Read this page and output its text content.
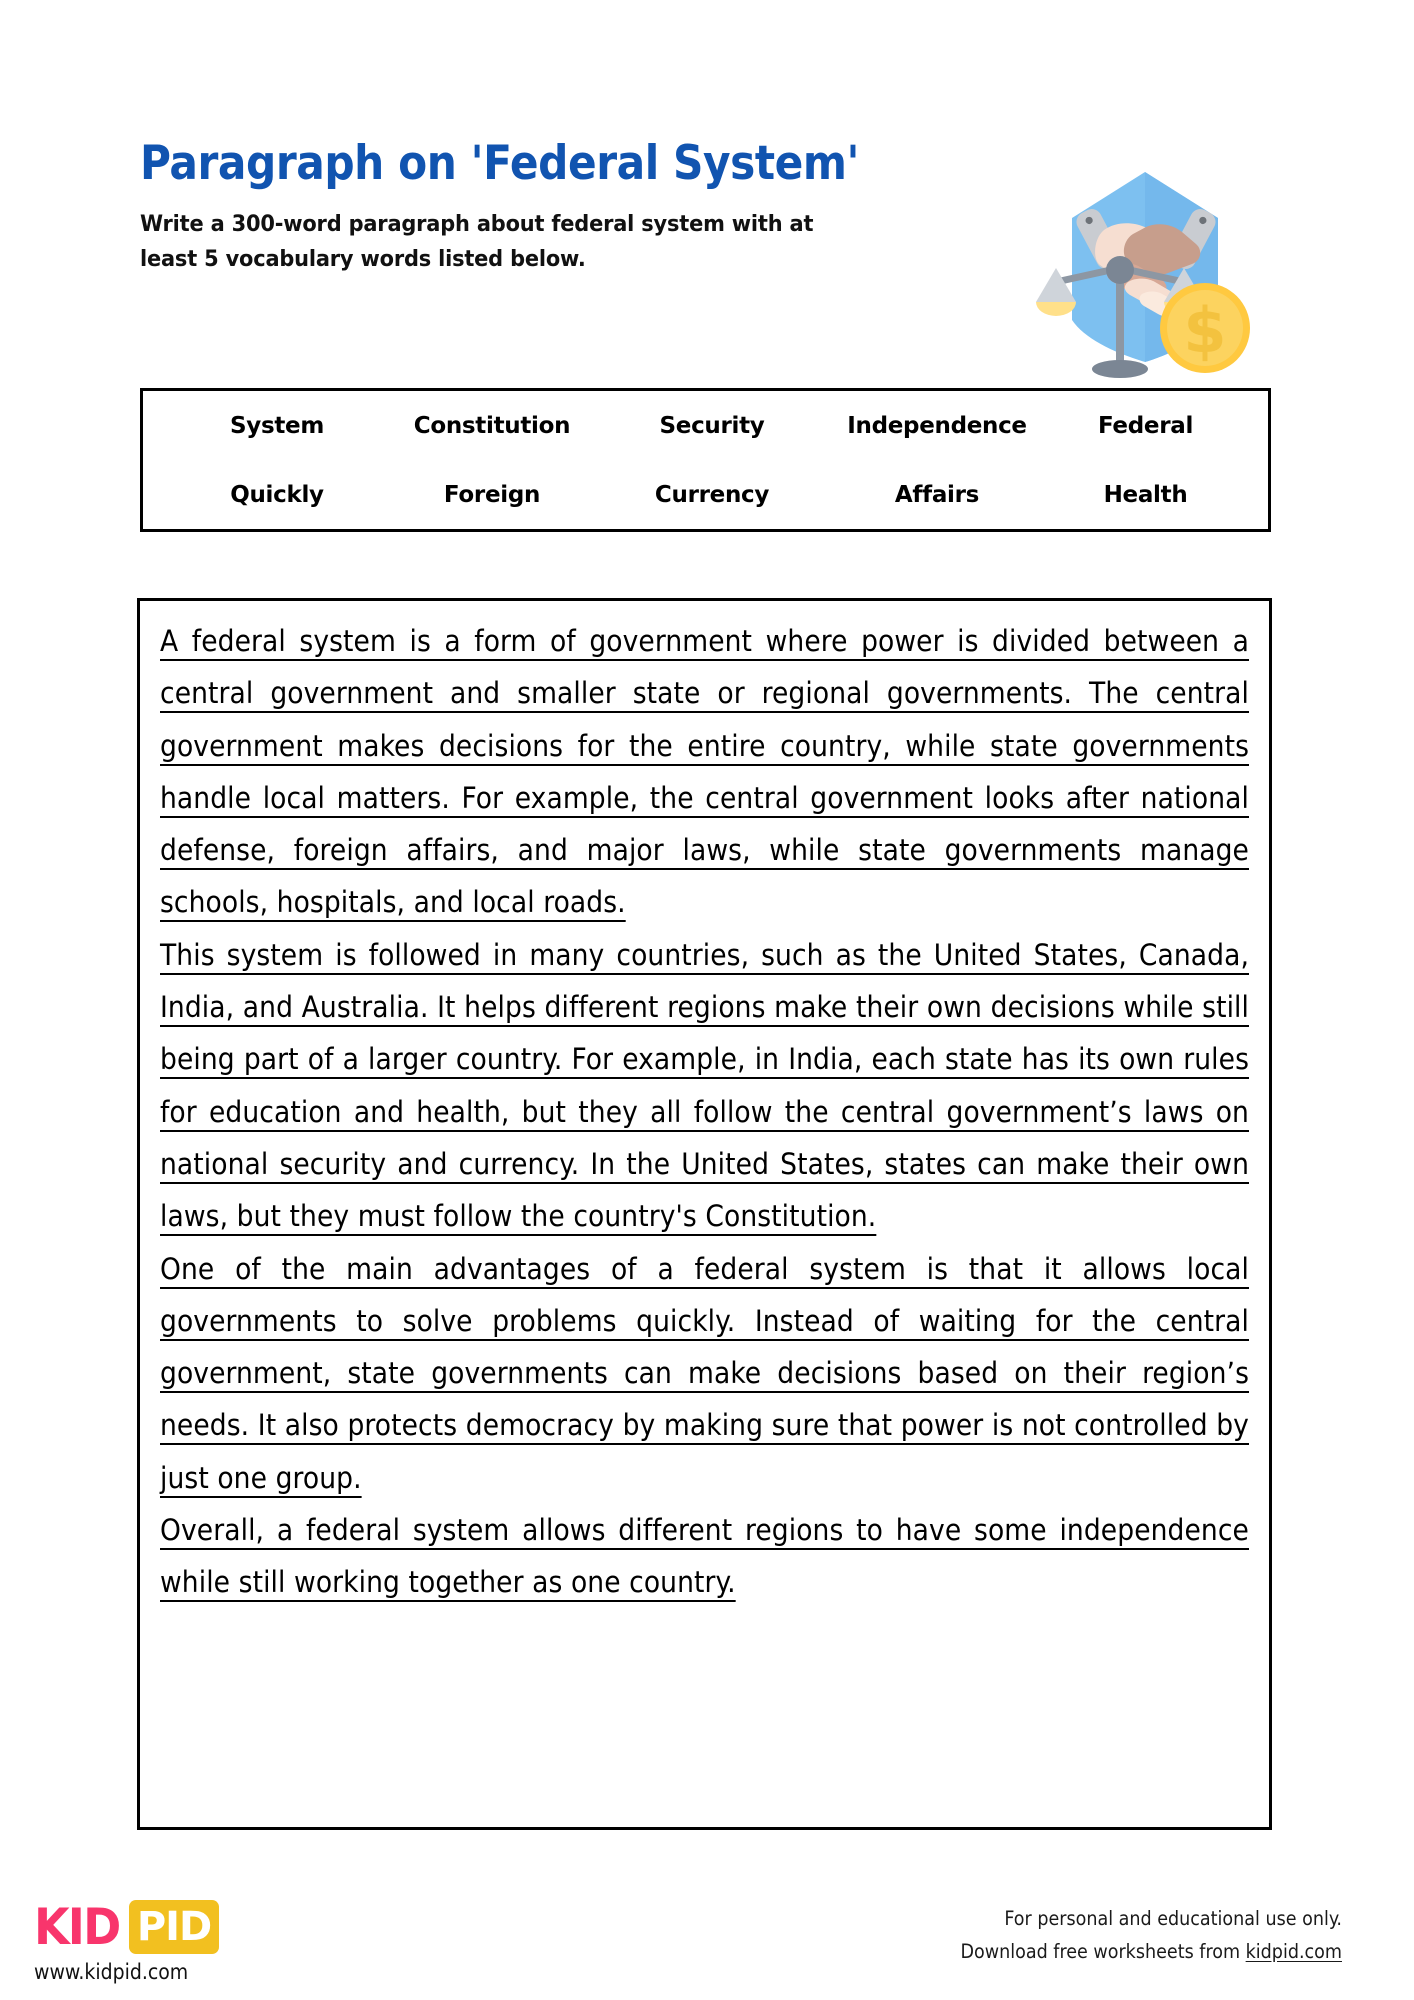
Paragraph on 'Federal System'
Write a 300-word paragraph about federal system with at
least 5 vocabulary words listed below.
$
System	Constitution	Security	Independence	Federal
Quickly	Foreign	Currency	Affairs	Health

A federal system is a form of government where power is divided between a central government and smaller state or regional governments. The central government makes decisions for the entire country, while state governments handle local matters. For example, the central government looks after national defense, foreign affairs, and major laws, while state governments manage schools, hospitals, and local roads.

This system is followed in many countries, such as the United States, Canada, India, and Australia. It helps different regions make their own decisions while still being part of a larger country. For example, in India, each state has its own rules for education and health, but they all follow the central government’s laws on national security and currency. In the United States, states can make their own laws, but they must follow the country's Constitution.

One of the main advantages of a federal system is that it allows local governments to solve problems quickly. Instead of waiting for the central government, state governments can make decisions based on their region’s needs. It also protects democracy by making sure that power is not controlled by just one group.

Overall, a federal system allows different regions to have some independence while still working together as one country.

KID PID
www.kidpid.com
For personal and educational use only.
Download free worksheets from kidpid.com
